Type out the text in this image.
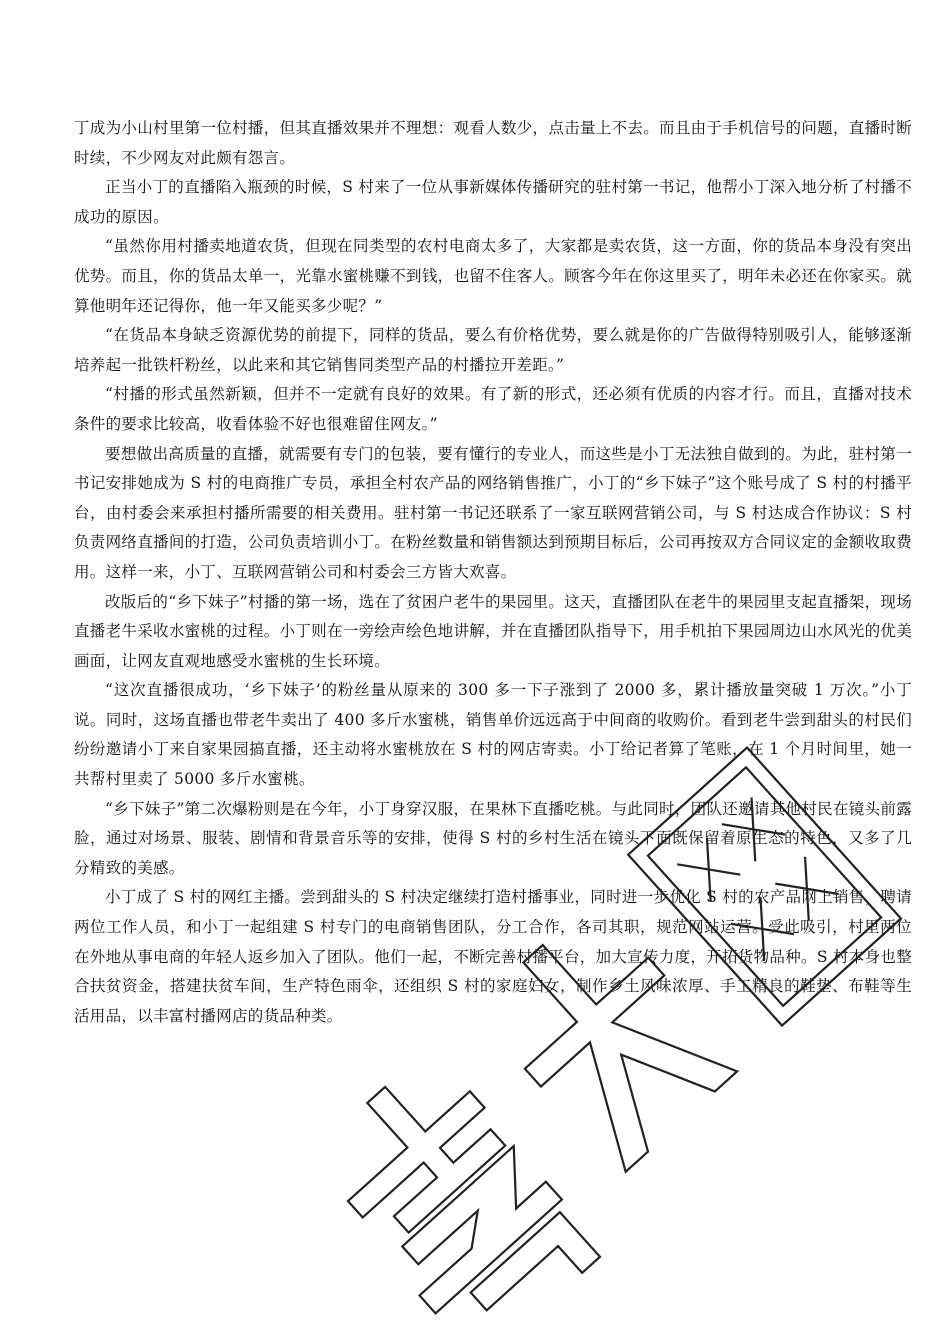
丁成为小山村里第一位村播，但其直播效果并不理想：观看人数少，点击量上不去。而且由于手机信号的问题，直播时断时续，不少网友对此颇有怨言。

正当小丁的直播陷入瓶颈的时候，S 村来了一位从事新媒体传播研究的驻村第一书记，他帮小丁深入地分析了村播不成功的原因。

“虽然你用村播卖地道农货，但现在同类型的农村电商太多了，大家都是卖农货，这一方面，你的货品本身没有突出优势。而且，你的货品太单一，光靠水蜜桃赚不到钱，也留不住客人。顾客今年在你这里买了，明年未必还在你家买。就算他明年还记得你，他一年又能买多少呢？”

“在货品本身缺乏资源优势的前提下，同样的货品，要么有价格优势，要么就是你的广告做得特别吸引人，能够逐渐培养起一批铁杆粉丝，以此来和其它销售同类型产品的村播拉开差距。”

“村播的形式虽然新颖，但并不一定就有良好的效果。有了新的形式，还必须有优质的内容才行。而且，直播对技术条件的要求比较高，收看体验不好也很难留住网友。”

要想做出高质量的直播，就需要有专门的包装，要有懂行的专业人，而这些是小丁无法独自做到的。为此，驻村第一书记安排她成为 S 村的电商推广专员，承担全村农产品的网络销售推广，小丁的“乡下妹子”这个账号成了 S 村的村播平台，由村委会来承担村播所需要的相关费用。驻村第一书记还联系了一家互联网营销公司，与 S 村达成合作协议：S 村负责网络直播间的打造，公司负责培训小丁。在粉丝数量和销售额达到预期目标后，公司再按双方合同议定的金额收取费用。这样一来，小丁、互联网营销公司和村委会三方皆大欢喜。

改版后的“乡下妹子”村播的第一场，选在了贫困户老牛的果园里。这天，直播团队在老牛的果园里支起直播架，现场直播老牛采收水蜜桃的过程。小丁则在一旁绘声绘色地讲解，并在直播团队指导下，用手机拍下果园周边山水风光的优美画面，让网友直观地感受水蜜桃的生长环境。

“这次直播很成功，‘乡下妹子’的粉丝量从原来的 300 多一下子涨到了 2000 多，累计播放量突破 1 万次。”小丁说。同时，这场直播也带老牛卖出了 400 多斤水蜜桃，销售单价远远高于中间商的收购价。看到老牛尝到甜头的村民们纷纷邀请小丁来自家果园搞直播，还主动将水蜜桃放在 S 村的网店寄卖。小丁给记者算了笔账，在 1 个月时间里，她一共帮村里卖了 5000 多斤水蜜桃。

“乡下妹子”第二次爆粉则是在今年，小丁身穿汉服，在果林下直播吃桃。与此同时，团队还邀请其他村民在镜头前露脸，通过对场景、服装、剧情和背景音乐等的安排，使得 S 村的乡村生活在镜头下面既保留着原生态的特色，又多了几分精致的美感。

小丁成了 S 村的网红主播。尝到甜头的 S 村决定继续打造村播事业，同时进一步优化 S 村的农产品网上销售，聘请两位工作人员，和小丁一起组建 S 村专门的电商销售团队，分工合作，各司其职，规范网站运营。受此吸引，村里两位在外地从事电商的年轻人返乡加入了团队。他们一起，不断完善村播平台，加大宣传力度，开拓货物品种。S 村本身也整合扶贫资金，搭建扶贫车间，生产特色雨伞，还组织 S 村的家庭妇女，制作乡土风味浓厚、手工精良的鞋垫、布鞋等生活用品，以丰富村播网店的货品种类。
